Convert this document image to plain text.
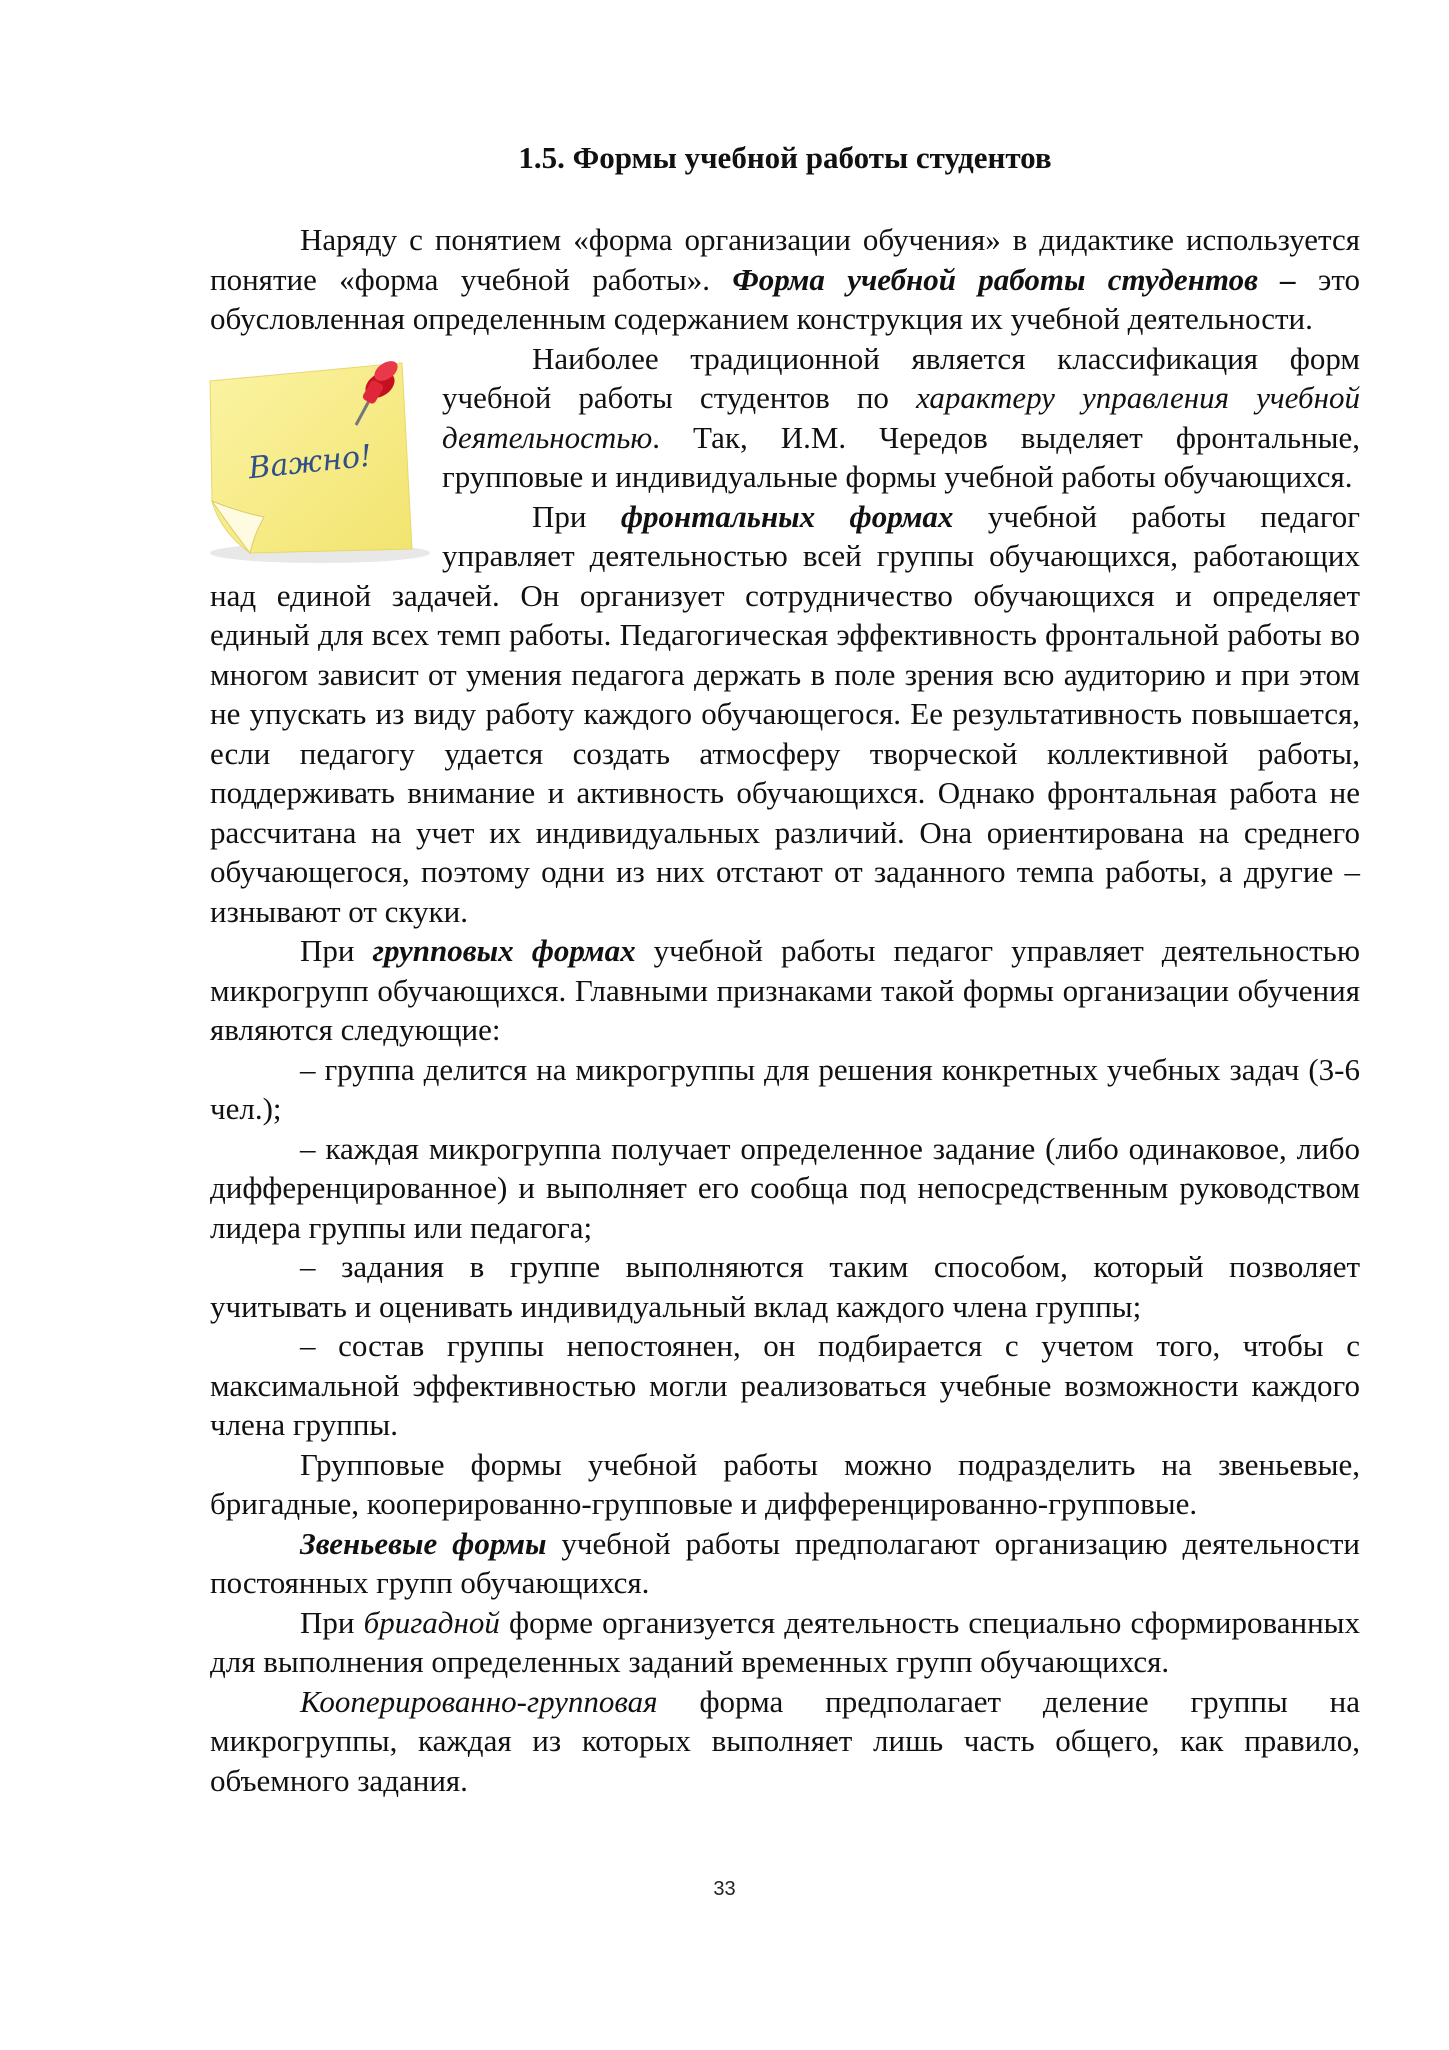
1.5. Формы учебной работы студентов

Наряду с понятием «форма организации обучения» в дидактике используется понятие «форма учебной работы». Форма учебной работы студентов – это обусловленная определенным содержанием конструкция их учебной деятельности.

Важно!

Наиболее традиционной является классификация форм учебной работы студентов по характеру управления учебной деятельностью. Так, И.М. Чередов выделяет фронтальные, групповые и индивидуальные формы учебной работы обучающихся.

При фронтальных формах учебной работы педагог управляет деятельностью всей группы обучающихся, работающих над единой задачей. Он организует сотрудничество обучающихся и определяет единый для всех темп работы. Педагогическая эффективность фронтальной работы во многом зависит от умения педагога держать в поле зрения всю аудиторию и при этом не упускать из виду работу каждого обучающегося. Ее результативность повышается, если педагогу удается создать атмосферу творческой коллективной работы, поддерживать внимание и активность обучающихся. Однако фронтальная работа не рассчитана на учет их индивидуальных различий. Она ориентирована на среднего обучающегося, поэтому одни из них отстают от заданного темпа работы, а другие – изнывают от скуки.

При групповых формах учебной работы педагог управляет деятельностью микрогрупп обучающихся. Главными признаками такой формы организации обучения являются следующие:

– группа делится на микрогруппы для решения конкретных учебных задач (3-6 чел.);

– каждая микрогруппа получает определенное задание (либо одинаковое, либо дифференцированное) и выполняет его сообща под непосредственным руководством лидера группы или педагога;

– задания в группе выполняются таким способом, который позволяет учитывать и оценивать индивидуальный вклад каждого члена группы;

– состав группы непостоянен, он подбирается с учетом того, чтобы с максимальной эффективностью могли реализоваться учебные возможности каждого члена группы.

Групповые формы учебной работы можно подразделить на звеньевые, бригадные, кооперированно-групповые и дифференцированно-групповые.

Звеньевые формы учебной работы предполагают организацию деятельности постоянных групп обучающихся.

При бригадной форме организуется деятельность специально сформированных для выполнения определенных заданий временных групп обучающихся.

Кооперированно-групповая форма предполагает деление группы на микрогруппы, каждая из которых выполняет лишь часть общего, как правило, объемного задания.

33
